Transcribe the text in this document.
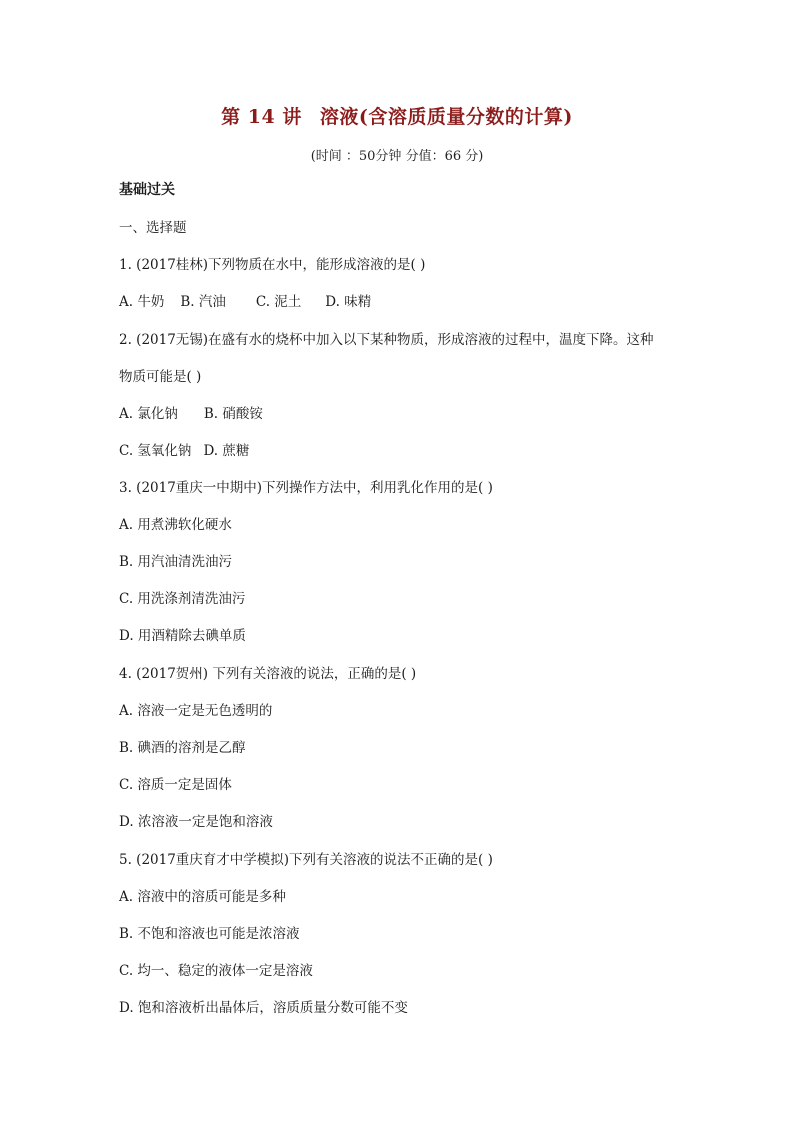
第 14 讲 溶液(含溶质质量分数的计算)
(时间 ：50分钟 分值：66 分)
基础过关
一、选择题
1. (2017桂林)下列物质在水中，能形成溶液的是( )
A. 牛奶 B. 汽油 C. 泥土 D. 味精
2. (2017无锡)在盛有水的烧杯中加入以下某种物质，形成溶液的过程中，温度下降。这种
物质可能是( )
A. 氯化钠 B. 硝酸铵
C. 氢氧化钠 D. 蔗糖
3. (2017重庆一中期中)下列操作方法中，利用乳化作用的是( )
A. 用煮沸软化硬水
B. 用汽油清洗油污
C. 用洗涤剂清洗油污
D. 用酒精除去碘单质
4. (2017贺州) 下列有关溶液的说法，正确的是( )
A. 溶液一定是无色透明的
B. 碘酒的溶剂是乙醇
C. 溶质一定是固体
D. 浓溶液一定是饱和溶液
5. (2017重庆育才中学模拟)下列有关溶液的说法不正确的是( )
A. 溶液中的溶质可能是多种
B. 不饱和溶液也可能是浓溶液
C. 均一、稳定的液体一定是溶液
D. 饱和溶液析出晶体后，溶质质量分数可能不变
